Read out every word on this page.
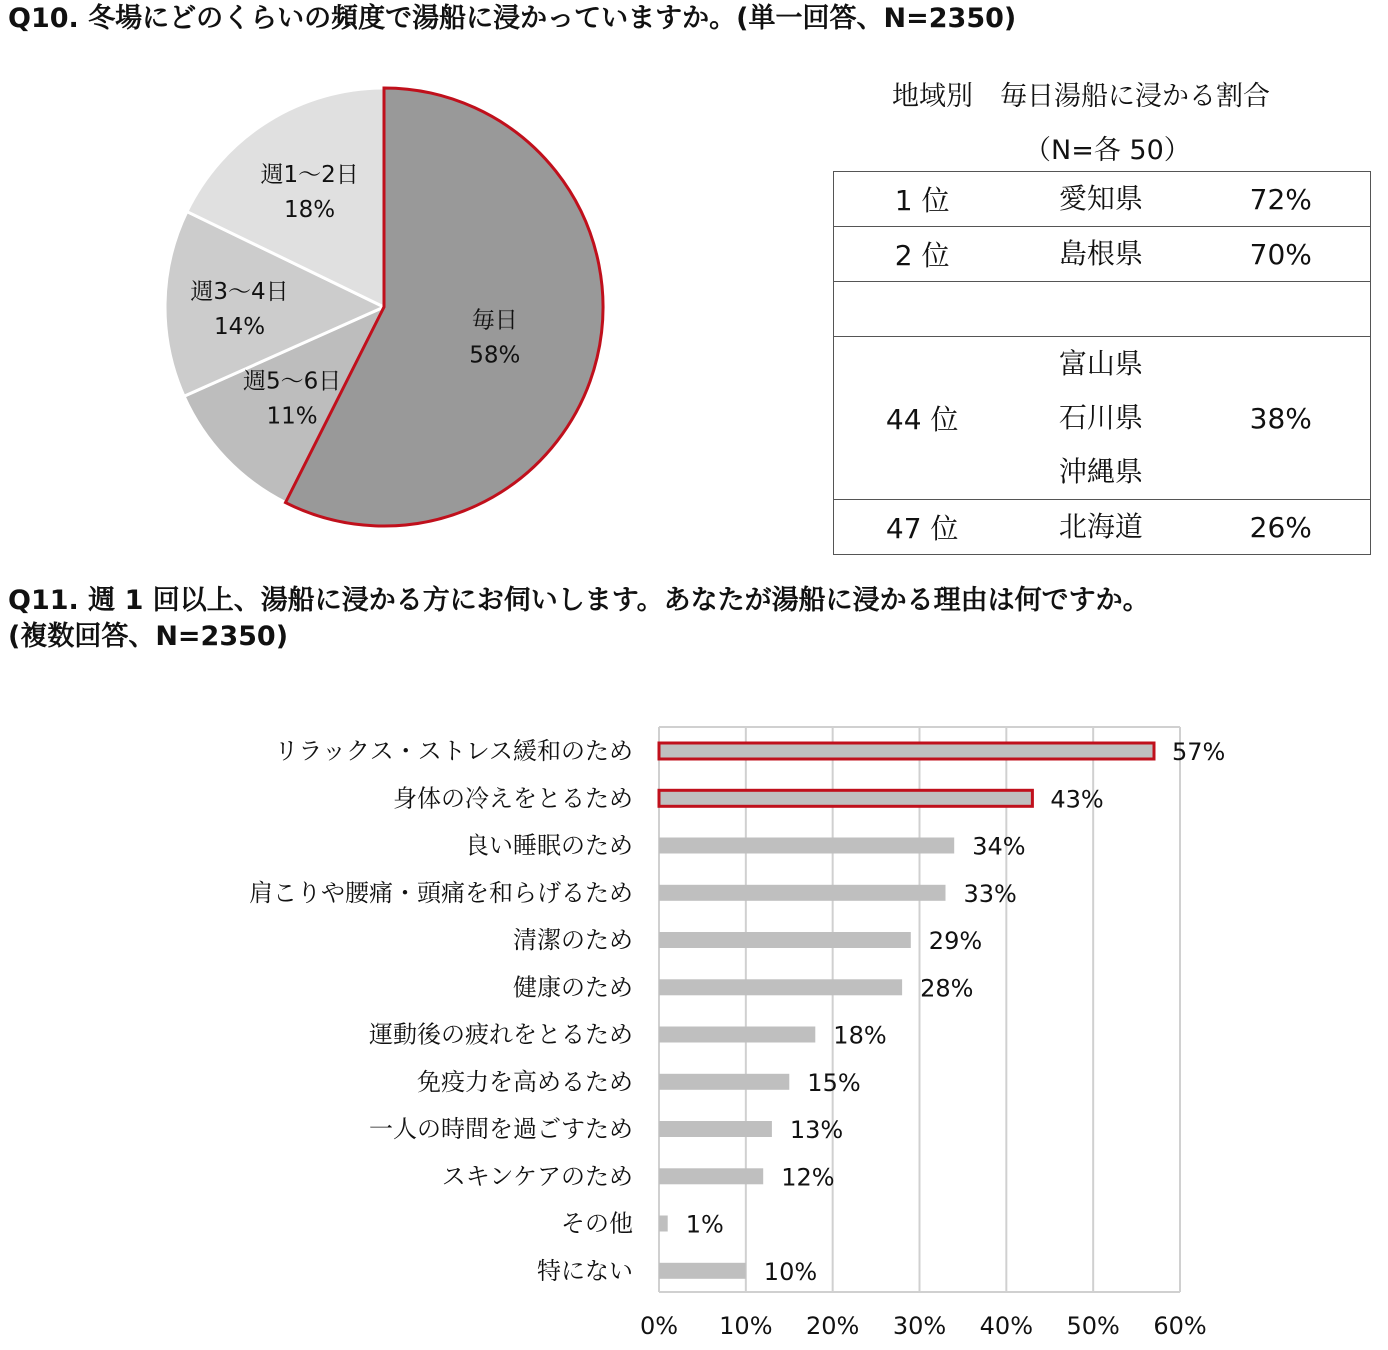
Q10. 冬場にどのくらいの頻度で湯船に浸かっていますか。(単一回答、N=2350)
毎日
58%
週5～6日
11%
週3～4日
14%
週1～2日
18%
地域別　毎日湯船に浸かる割合
（N=各 50）
1 位	愛知県	72%
2 位	島根県	70%

44 位	富山県
石川県
沖縄県	38%
47 位	北海道	26%
Q11. 週 1 回以上、湯船に浸かる方にお伺いします。あなたが湯船に浸かる理由は何ですか。
(複数回答、N=2350)
0% 10% 20% 30% 40% 50% 60%
リラックス・ストレス緩和のため	57%
身体の冷えをとるため	43%
良い睡眠のため	34%
肩こりや腰痛・頭痛を和らげるため	33%
清潔のため	29%
健康のため	28%
運動後の疲れをとるため	18%
免疫力を高めるため	15%
一人の時間を過ごすため	13%
スキンケアのため	12%
その他 1%
特にない	10%
